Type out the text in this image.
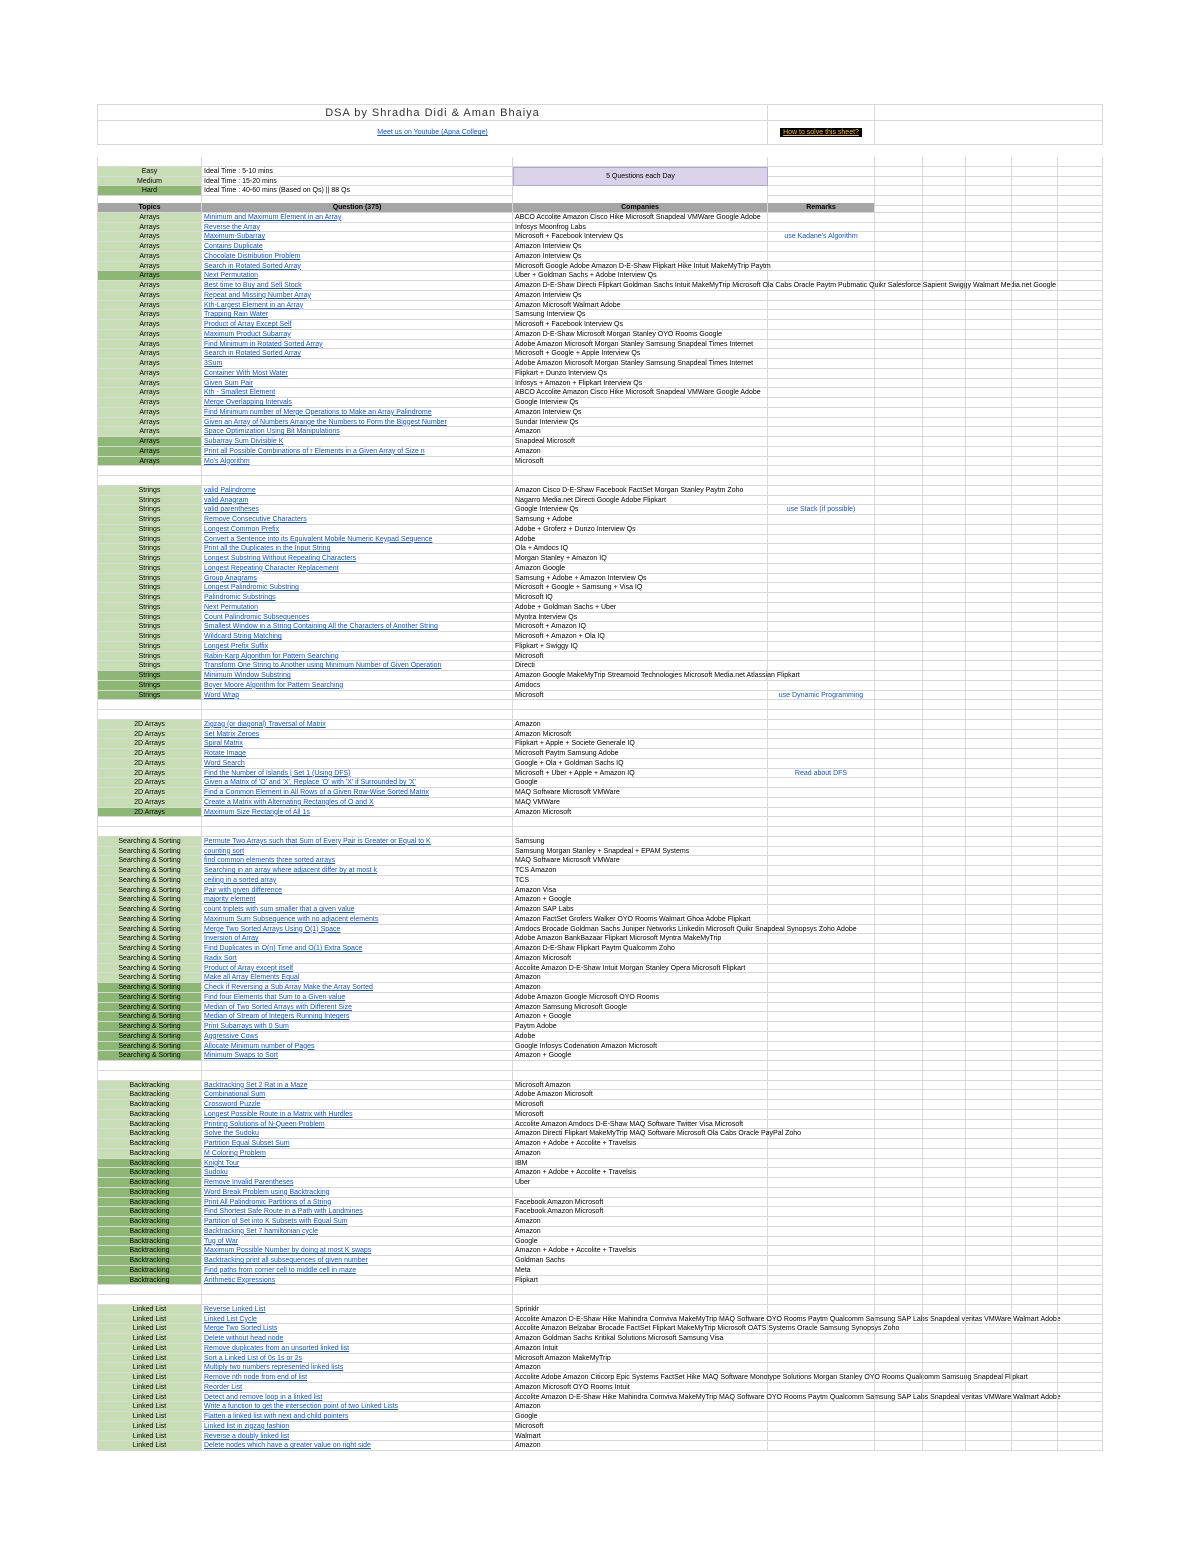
DSA by Shradha Didi & Aman Bhaiya
Meet us on Youtube (Apna College)	How to solve this sheet?
Easy	Ideal Time : 5-10 mins
Medium	Ideal Time : 15-20 mins
Hard	Ideal Time : 40-60 mins (Based on Qs) || 88 Qs
5 Questions each Day
Topics	Question (375)	Companies	Remarks
Arrays	Minimum and Maximum Element in an Array	ABCO Accolite Amazon Cisco Hike Microsoft Snapdeal VMWare Google Adobe
Arrays	Reverse the Array	Infosys Moonfrog Labs
Arrays	Maximum-Subarray	Microsoft + Facebook Interview Qs	use Kadane's Algorithm
Arrays	Contains Duplicate	Amazon Interview Qs
Arrays	Chocolate Distribution Problem	Amazon Interview Qs
Arrays	Search in Rotated Sorted Array	Microsoft Google Adobe Amazon D-E-Shaw Flipkart Hike Intuit MakeMyTrip Paytm
Arrays	Next Permutation	Uber + Goldman Sachs + Adobe Interview Qs
Arrays	Best time to Buy and Sell Stock	Amazon D-E-Shaw Directi Flipkart Goldman Sachs Intuit MakeMyTrip Microsoft Ola Cabs Oracle Paytm Pubmatic Quikr Salesforce Sapient Swiggy Walmart Media.net Google
Arrays	Repeat and Missing Number Array	Amazon Interview Qs
Arrays	Kth-Largest Element in an Array	Amazon Microsoft Walmart Adobe
Arrays	Trapping Rain Water	Samsung Interview Qs
Arrays	Product of Array Except Self	Microsoft + Facebook Interview Qs
Arrays	Maximum Product Subarray	Amazon D-E-Shaw Microsoft Morgan Stanley OYO Rooms Google
Arrays	Find Minimum in Rotated Sorted Array	Adobe Amazon Microsoft Morgan Stanley Samsung Snapdeal Times Internet
Arrays	Search in Rotated Sorted Array	Microsoft + Google + Apple Interview Qs
Arrays	3Sum	Adobe Amazon Microsoft Morgan Stanley Samsung Snapdeal Times Internet
Arrays	Container With Most Water	Flipkart + Dunzo Interview Qs
Arrays	Given Sum Pair	Infosys + Amazon + Flipkart Interview Qs
Arrays	Kth - Smallest Element	ABCO Accolite Amazon Cisco Hike Microsoft Snapdeal VMWare Google Adobe
Arrays	Merge Overlapping Intervals	Google Interview Qs
Arrays	Find Minimum number of Merge Operations to Make an Array Palindrome	Amazon Interview Qs
Arrays	Given an Array of Numbers Arrange the Numbers to Form the Biggest Number	Sundar Interview Qs
Arrays	Space Optimization Using Bit Manipulations	Amazon
Arrays	Subarray Sum Divisible K	Snapdeal Microsoft
Arrays	Print all Possible Combinations of r Elements in a Given Array of Size n	Amazon
Arrays	Mo's Algorithm	Microsoft
Strings	valid Palindrome	Amazon Cisco D-E-Shaw Facebook FactSet Morgan Stanley Paytm Zoho
Strings	valid Anagram	Nagarro Media.net Directi Google Adobe Flipkart
Strings	valid parentheses	Google Interview Qs	use Stack (if possible)
Strings	Remove Consecutive Characters	Samsung + Adobe
Strings	Longest Common Prefix	Adobe + Groferz + Dunzo Interview Qs
Strings	Convert a Sentence into its Equivalent Mobile Numeric Keypad Sequence	Adobe
Strings	Print all the Duplicates in the Input String	Ola + Amdocs IQ
Strings	Longest Substring Without Repeating Characters	Morgan Stanley + Amazon IQ
Strings	Longest Repeating Character Replacement	Amazon Google
Strings	Group Anagrams	Samsung + Adobe + Amazon Interview Qs
Strings	Longest Palindromic Substring	Microsoft + Google + Samsung + Visa IQ
Strings	Palindromic Substrings	Microsoft IQ
Strings	Next Permutation	Adobe + Goldman Sachs + Uber
Strings	Count Palindromic Subsequences	Myntra Interview Qs
Strings	Smallest Window in a String Containing All the Characters of Another String	Microsoft + Amazon IQ
Strings	Wildcard String Matching	Microsoft + Amazon + Ola IQ
Strings	Longest Prefix Suffix	Flipkart + Swiggy IQ
Strings	Rabin-Karp Algorithm for Pattern Searching	Microsoft
Strings	Transform One String to Another using Minimum Number of Given Operation	Directi
Strings	Minimum Window Substring	Amazon Google MakeMyTrip Streamoid Technologies Microsoft Media.net Atlassian Flipkart
Strings	Boyer Moore Algorithm for Pattern Searching	Amdocs
Strings	Word Wrap	Microsoft	use Dynamic Programming
2D Arrays	Zigzag (or diagonal) Traversal of Matrix	Amazon
2D Arrays	Set Matrix Zeroes	Amazon Microsoft
2D Arrays	Spiral Matrix	Flipkart + Apple + Societe Generale IQ
2D Arrays	Rotate Image	Microsoft Paytm Samsung Adobe
2D Arrays	Word Search	Google + Ola + Goldman Sachs IQ
2D Arrays	Find the Number of Islands | Set 1 (Using DFS)	Microsoft + Uber + Apple + Amazon IQ	Read about DFS
2D Arrays	Given a Matrix of 'O' and 'X', Replace 'O' with 'X' if Surrounded by 'X'	Google
2D Arrays	Find a Common Element in All Rows of a Given Row-Wise Sorted Matrix	MAQ Software Microsoft VMWare
2D Arrays	Create a Matrix with Alternating Rectangles of O and X	MAQ VMWare
2D Arrays	Maximum Size Rectangle of All 1s	Amazon Microsoft
Searching & Sorting	Permute Two Arrays such that Sum of Every Pair is Greater or Equal to K	Samsung
Searching & Sorting	counting sort	Samsung Morgan Stanley + Snapdeal + EPAM Systems
Searching & Sorting	find common elements three sorted arrays	MAQ Software Microsoft VMWare
Searching & Sorting	Searching in an array where adjacent differ by at most k	TCS Amazon
Searching & Sorting	ceiling in a sorted array	TCS
Searching & Sorting	Pair with given difference	Amazon Visa
Searching & Sorting	majority element	Amazon + Google
Searching & Sorting	count triplets with sum smaller that a given value	Amazon SAP Labs
Searching & Sorting	Maximum Sum Subsequence with no adjacent elements	Amazon FactSet Grofers Walker OYO Rooms Walmart Ghoa Adobe Flipkart
Searching & Sorting	Merge Two Sorted Arrays Using O(1) Space	Amdocs Brocade Goldman Sachs Juniper Networks Linkedin Microsoft Quikr Snapdeal Synopsys Zoho Adobe
Searching & Sorting	Inversion of Array	Adobe Amazon BankBazaar Flipkart Microsoft Myntra MakeMyTrip
Searching & Sorting	Find Duplicates in O(n) Time and O(1) Extra Space	Amazon D-E-Shaw Flipkart Paytm Qualcomm Zoho
Searching & Sorting	Radix Sort	Amazon Microsoft
Searching & Sorting	Product of Array except itself	Accolite Amazon D-E-Shaw Intuit Morgan Stanley Opera Microsoft Flipkart
Searching & Sorting	Make all Array Elements Equal	Amazon
Searching & Sorting	Check if Reversing a Sub Array Make the Array Sorted	Amazon
Searching & Sorting	Find four Elements that Sum to a Given value	Adobe Amazon Google Microsoft OYO Rooms
Searching & Sorting	Median of Two Sorted Arrays with Different Size	Amazon Samsung Microsoft Google
Searching & Sorting	Median of Stream of Integers Running Integers	Amazon + Google
Searching & Sorting	Print Subarrays with 0 Sum	Paytm Adobe
Searching & Sorting	Aggressive Cows	Adobe
Searching & Sorting	Allocate Minimum number of Pages	Google Infosys Codenation Amazon Microsoft
Searching & Sorting	Minimum Swaps to Sort	Amazon + Google
Backtracking	Backtracking Set 2 Rat in a Maze	Microsoft Amazon
Backtracking	Combinational Sum	Adobe Amazon Microsoft
Backtracking	Crossword Puzzle	Microsoft
Backtracking	Longest Possible Route in a Matrix with Hurdles	Microsoft
Backtracking	Printing Solutions of N-Queen Problem	Accolite Amazon Amdocs D-E-Shaw MAQ Software Twitter Visa Microsoft
Backtracking	Solve the Sudoku	Amazon Directi Flipkart MakeMyTrip MAQ Software Microsoft Ola Cabs Oracle PayPal Zoho
Backtracking	Partition Equal Subset Sum	Amazon + Adobe + Accolite + Travelsis
Backtracking	M Coloring Problem	Amazon
Backtracking	Knight Tour	IBM
Backtracking	Sudoku	Amazon + Adobe + Accolite + Travelsis
Backtracking	Remove Invalid Parentheses	Uber
Backtracking	Word Break Problem using Backtracking
Backtracking	Print All Palindromic Partitions of a String	Facebook Amazon Microsoft
Backtracking	Find Shortest Safe Route in a Path with Landmines	Facebook Amazon Microsoft
Backtracking	Partition of Set into K Subsets with Equal Sum	Amazon
Backtracking	Backtracking Set 7 hamiltonian cycle	Amazon
Backtracking	Tug of War	Google
Backtracking	Maximum Possible Number by doing at most K swaps	Amazon + Adobe + Accolite + Travelsis
Backtracking	Backtracking print all subsequences of given number	Goldman Sachs
Backtracking	Find paths from corner cell to middle cell in maze	Meta
Backtracking	Arithmetic Expressions	Flipkart
Linked List	Reverse Linked List	Sprinklr
Linked List	Linked List Cycle	Accolite Amazon D-E-Shaw Hike Mahindra Comviva MakeMyTrip MAQ Software OYO Rooms Paytm Qualcomm Samsung SAP Labs Snapdeal veritas VMWare Walmart Adobe
Linked List	Merge Two Sorted Lists	Accolite Amazon Belzabar Brocade FactSet Flipkart MakeMyTrip Microsoft OATS Systems Oracle Samsung Synopsys Zoho
Linked List	Delete without head node	Amazon Goldman Sachs Kritikal Solutions Microsoft Samsung Visa
Linked List	Remove duplicates from an unsorted linked list	Amazon Intuit
Linked List	Sort a Linked List of 0s 1s or 2s	Microsoft Amazon MakeMyTrip
Linked List	Multiply two numbers represented linked lists	Amazon
Linked List	Remove nth node from end of list	Accolite Adobe Amazon Citicorp Epic Systems FactSet Hike MAQ Software Monotype Solutions Morgan Stanley OYO Rooms Qualcomm Samsung Snapdeal Flipkart
Linked List	Reorder List	Amazon Microsoft OYO Rooms Intuit
Linked List	Detect and remove loop in a linked list	Accolite Amazon D-E-Shaw Hike Mahindra Comviva MakeMyTrip MAQ Software OYO Rooms Paytm Qualcomm Samsung SAP Labs Snapdeal veritas VMWare Walmart Adobe
Linked List	Write a function to get the intersection point of two Linked Lists	Amazon
Linked List	Flatten a linked list with next and child pointers	Google
Linked List	Linked list in zigzag fashion	Microsoft
Linked List	Reverse a doubly linked list	Walmart
Linked List	Delete nodes which have a greater value on right side	Amazon
